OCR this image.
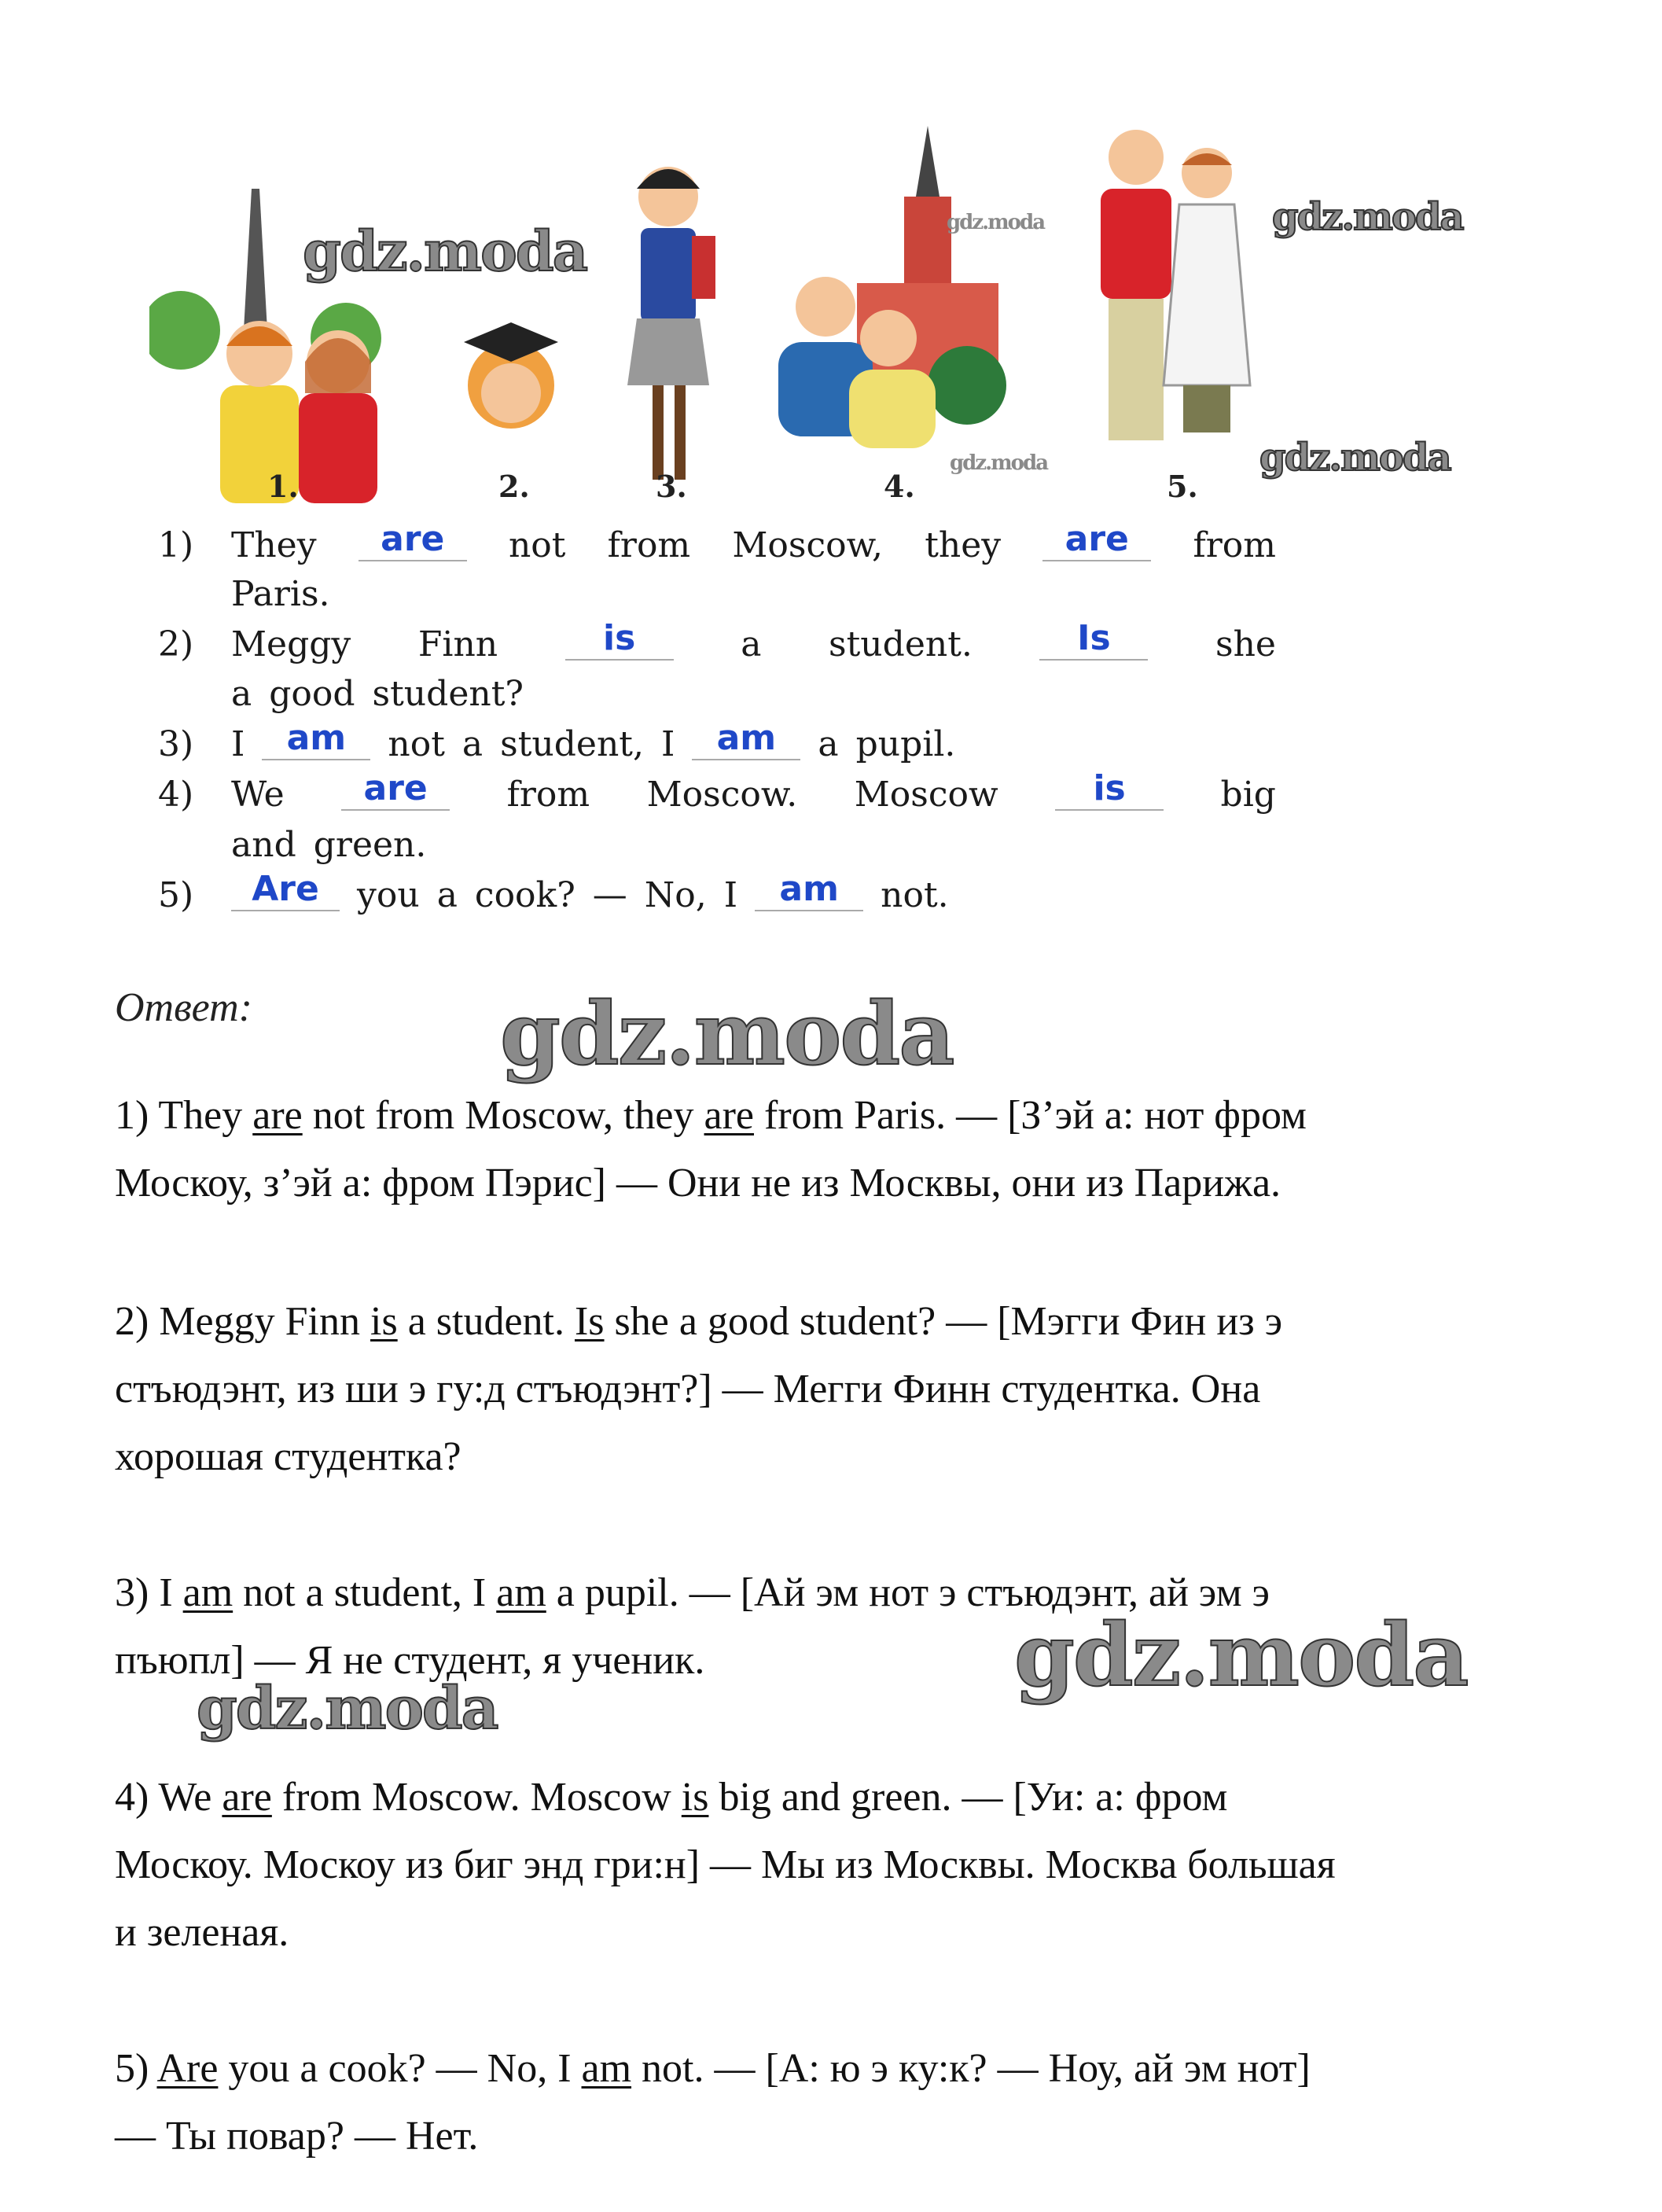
1.	2.	3.	4.	5.
gdz.moda	gdz.moda	gdz.moda
gdz.moda	gdz.moda
gdz.moda
gdz.moda
gdz.moda
1) They	are	not from Moscow, they	are	from
Paris.
2) Meggy Finn	is	a student.	Is	she
a good student?
3) I	am	not a student, I	am	a pupil.
4) We	are	from Moscow. Moscow	is	big
and green.
5)	Are	you a cook? — No, I	am	not.
Ответ:
1) They are not from Moscow, they are from Paris. — [З’эй а: нот фром
Москоу, з’эй а: фром Пэрис] — Они не из Москвы, они из Парижа.
2) Meggy Finn is a student. Is she a good student? — [Мэгги Фин из э
стъюдэнт, из ши э гу:д стъюдэнт?] — Мегги Финн студентка. Она
хорошая студентка?
3) I am not a student, I am a pupil. — [Ай эм нот э стъюдэнт, ай эм э
пъюпл] — Я не студент, я ученик.
4) We are from Moscow. Moscow is big and green. — [Уи: а: фром
Москоу. Москоу из биг энд гри:н] — Мы из Москвы. Москва большая
и зеленая.
5) Are you a cook? — No, I am not. — [А: ю э ку:к? — Ноу, ай эм нот]
— Ты повар? — Нет.
